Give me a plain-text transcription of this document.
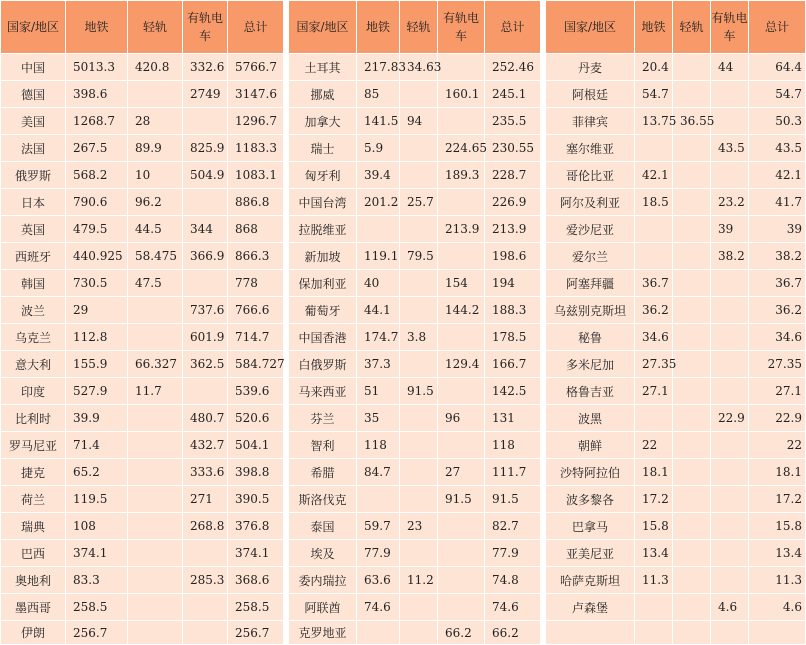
国家/地区	地铁	轻轨	有轨电车	总计		国家/地区	地铁	轻轨	有轨电车	总计		国家/地区	地铁	轻轨	有轨电车	总计
中国	5013.3	420.8	332.6	5766.7		土耳其	217.83	34.63		252.46		丹麦	20.4		44	64.4
德国	398.6		2749	3147.6		挪威	85		160.1	245.1		阿根廷	54.7			54.7
美国	1268.7	28		1296.7		加拿大	141.5	94		235.5		菲律宾	13.75	36.55		50.3
法国	267.5	89.9	825.9	1183.3		瑞士	5.9		224.65	230.55		塞尔维亚			43.5	43.5
俄罗斯	568.2	10	504.9	1083.1		匈牙利	39.4		189.3	228.7		哥伦比亚	42.1			42.1
日本	790.6	96.2		886.8		中国台湾	201.2	25.7		226.9		阿尔及利亚	18.5		23.2	41.7
英国	479.5	44.5	344	868		拉脱维亚			213.9	213.9		爱沙尼亚			39	39
西班牙	440.925	58.475	366.9	866.3		新加坡	119.1	79.5		198.6		爱尔兰			38.2	38.2
韩国	730.5	47.5		778		保加利亚	40		154	194		阿塞拜疆	36.7			36.7
波兰	29		737.6	766.6		葡萄牙	44.1		144.2	188.3		乌兹别克斯坦	36.2			36.2
乌克兰	112.8		601.9	714.7		中国香港	174.7	3.8		178.5		秘鲁	34.6			34.6
意大利	155.9	66.327	362.5	584.727		白俄罗斯	37.3		129.4	166.7		多米尼加	27.35			27.35
印度	527.9	11.7		539.6		马来西亚	51	91.5		142.5		格鲁吉亚	27.1			27.1
比利时	39.9		480.7	520.6		芬兰	35		96	131		波黑			22.9	22.9
罗马尼亚	71.4		432.7	504.1		智利	118			118		朝鲜	22			22
捷克	65.2		333.6	398.8		希腊	84.7		27	111.7		沙特阿拉伯	18.1			18.1
荷兰	119.5		271	390.5		斯洛伐克			91.5	91.5		波多黎各	17.2			17.2
瑞典	108		268.8	376.8		泰国	59.7	23		82.7		巴拿马	15.8			15.8
巴西	374.1			374.1		埃及	77.9			77.9		亚美尼亚	13.4			13.4
奥地利	83.3		285.3	368.6		委内瑞拉	63.6	11.2		74.8		哈萨克斯坦	11.3			11.3
墨西哥	258.5			258.5		阿联酋	74.6			74.6		卢森堡			4.6	4.6
伊朗	256.7			256.7		克罗地亚			66.2	66.2						
